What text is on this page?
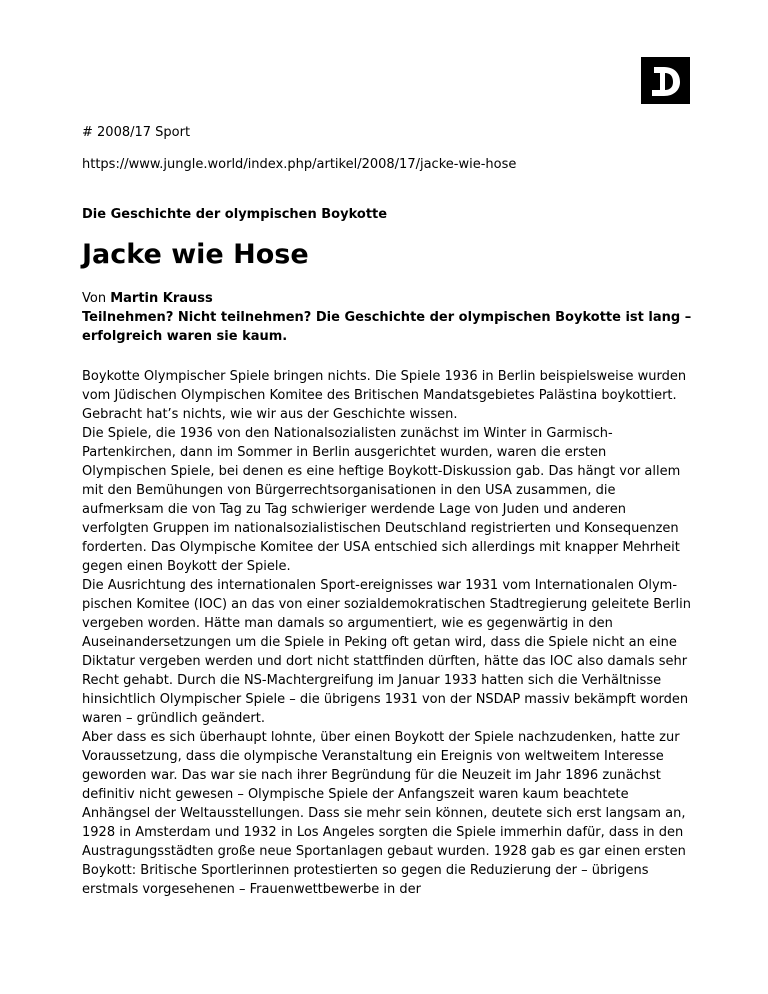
# 2008/17 Sport

https://www.jungle.world/index.php/artikel/2008/17/jacke-wie-hose

Die Geschichte der olympischen Boykotte

Jacke wie Hose

Von Martin Krauss

Teilnehmen? Nicht teilnehmen? Die Geschichte der olympischen Boykotte ist lang – erfolgreich waren sie kaum.

Boykotte Olympischer Spiele bringen nichts. Die Spiele 1936 in Berlin beispielsweise wurden vom Jüdischen Olympischen Komitee des Britischen Mandatsgebietes Palästina boykottiert. Gebracht hat’s nichts, wie wir aus der Geschichte wissen.

Die Spiele, die 1936 von den Nationalsozialisten zunächst im Winter in Garmisch-Partenkirchen, dann im Sommer in Berlin ausgerichtet wurden, waren die ersten Olympischen Spiele, bei denen es eine heftige Boykott-Diskussion gab. Das hängt vor allem mit den Bemühungen von Bürgerrechtsorganisationen in den USA zusammen, die aufmerksam die von Tag zu Tag schwieriger werdende Lage von Juden und anderen verfolgten Gruppen im nationalsozialistischen Deutschland registrierten und Konsequenzen forderten. Das Olympische Komitee der USA entschied sich allerdings mit knapper Mehrheit gegen einen Boykott der Spiele.

Die Ausrichtung des internationalen Sport-ereignisses war 1931 vom Internationalen Olym-pischen Komitee (IOC) an das von einer sozialdemokratischen Stadtregierung geleitete Berlin vergeben worden. Hätte man damals so argumentiert, wie es gegenwärtig in den Auseinandersetzungen um die Spiele in Peking oft getan wird, dass die Spiele nicht an eine Diktatur vergeben werden und dort nicht stattfinden dürften, hätte das IOC also damals sehr Recht gehabt. Durch die NS-Machtergreifung im Januar 1933 hatten sich die Verhältnisse hinsichtlich Olympischer Spiele – die übrigens 1931 von der NSDAP massiv bekämpft worden waren – gründlich geändert.

Aber dass es sich überhaupt lohnte, über einen Boykott der Spiele nachzudenken, hatte zur Voraussetzung, dass die olympische Veranstaltung ein Ereignis von weltweitem Interesse geworden war. Das war sie nach ihrer Begründung für die Neuzeit im Jahr 1896 zunächst definitiv nicht gewesen – Olympische Spiele der Anfangszeit waren kaum beachtete Anhängsel der Weltausstellungen. Dass sie mehr sein können, deutete sich erst langsam an, 1928 in Amsterdam und 1932 in Los Angeles sorgten die Spiele immerhin dafür, dass in den Austragungsstädten große neue Sportanlagen gebaut wurden. 1928 gab es gar einen ersten Boykott: Britische Sportlerinnen protestierten so gegen die Reduzierung der – übrigens erstmals vorgesehenen – Frauenwettbewerbe in der
